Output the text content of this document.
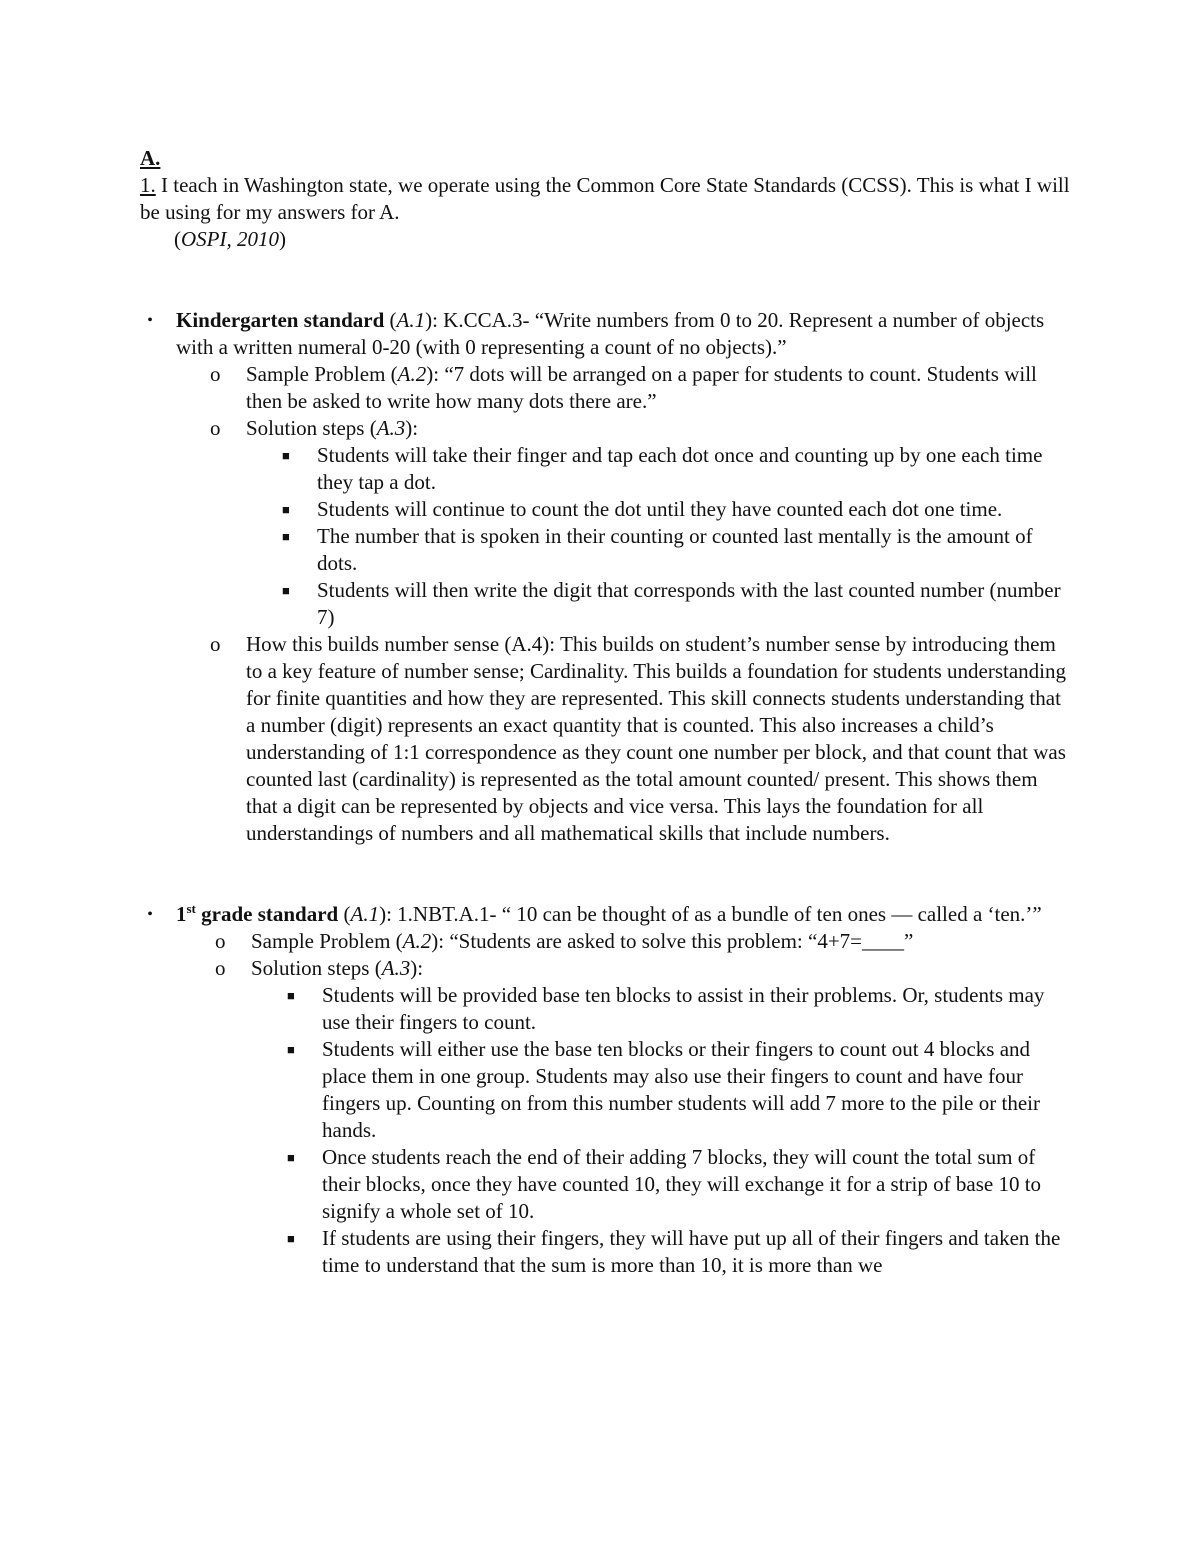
A.
1. I teach in Washington state, we operate using the Common Core State Standards (CCSS). This is what I will be using for my answers for A.
(OSPI, 2010)
•	Kindergarten standard (A.1): K.CCA.3- “Write numbers from 0 to 20. Represent a number of objects with a written numeral 0-20 (with 0 representing a count of no objects).”
o	Sample Problem (A.2): “7 dots will be arranged on a paper for students to count. Students will then be asked to write how many dots there are.”
o	Solution steps (A.3):
■	Students will take their finger and tap each dot once and counting up by one each time they tap a dot.
■	Students will continue to count the dot until they have counted each dot one time.
■	The number that is spoken in their counting or counted last mentally is the amount of dots.
■	Students will then write the digit that corresponds with the last counted number (number 7)
o	How this builds number sense (A.4): This builds on student’s number sense by introducing them to a key feature of number sense; Cardinality. This builds a foundation for students understanding for finite quantities and how they are represented. This skill connects students understanding that a number (digit) represents an exact quantity that is counted. This also increases a child’s understanding of 1:1 correspondence as they count one number per block, and that count that was counted last (cardinality) is represented as the total amount counted/ present. This shows them that a digit can be represented by objects and vice versa. This lays the foundation for all understandings of numbers and all mathematical skills that include numbers.
•	1st grade standard (A.1): 1.NBT.A.1- “ 10 can be thought of as a bundle of ten ones — called a ‘ten.’”
o	Sample Problem (A.2): “Students are asked to solve this problem: “4+7=____”
o	Solution steps (A.3):
■	Students will be provided base ten blocks to assist in their problems. Or, students may use their fingers to count.
■	Students will either use the base ten blocks or their fingers to count out 4 blocks and place them in one group. Students may also use their fingers to count and have four fingers up. Counting on from this number students will add 7 more to the pile or their hands.
■	Once students reach the end of their adding 7 blocks, they will count the total sum of their blocks, once they have counted 10, they will exchange it for a strip of base 10 to signify a whole set of 10.
■	If students are using their fingers, they will have put up all of their fingers and taken the time to understand that the sum is more than 10, it is more than we
